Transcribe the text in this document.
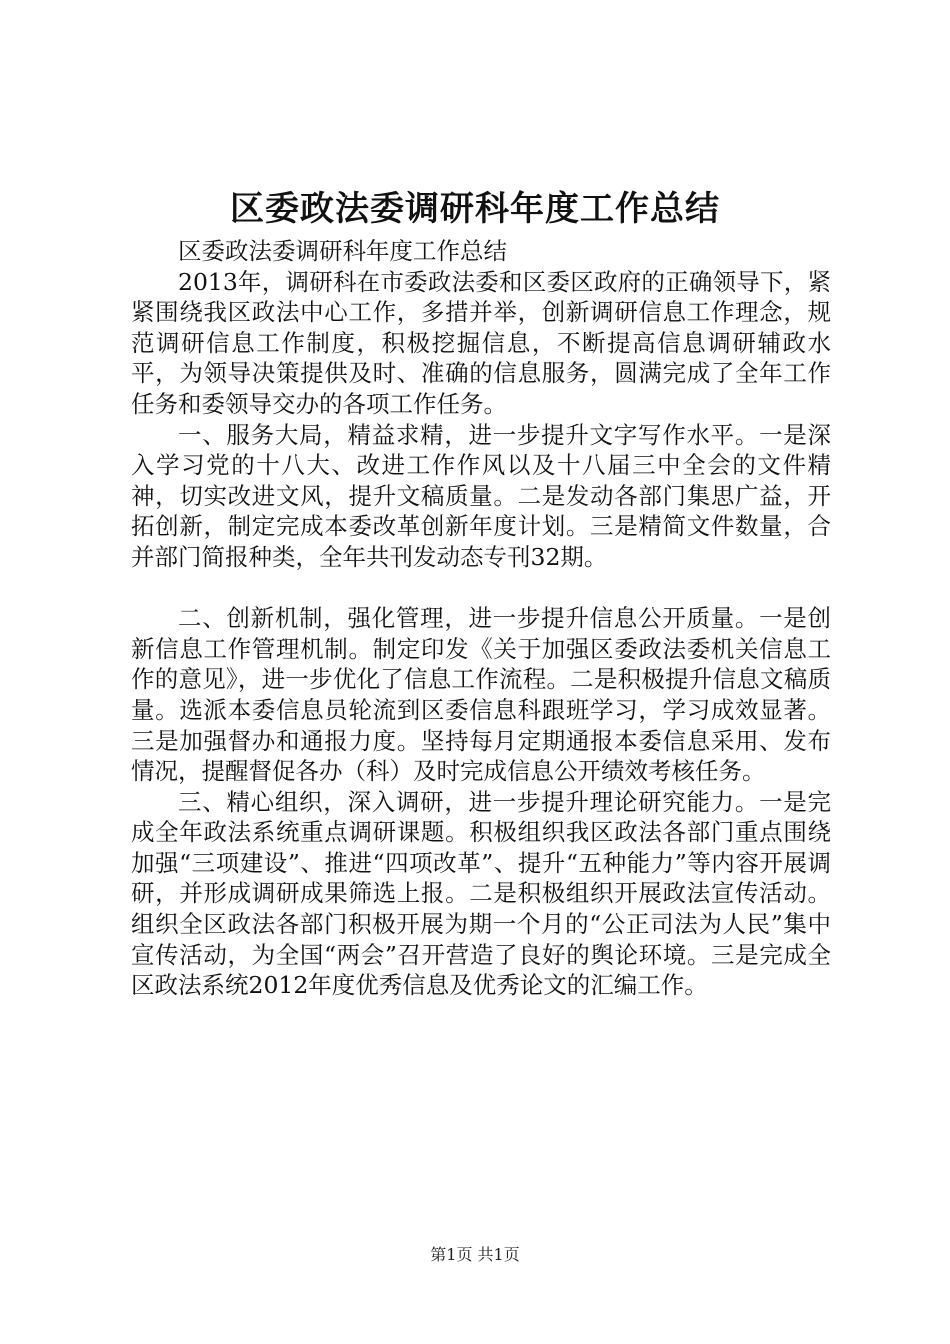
区委政法委调研科年度工作总结

区委政法委调研科年度工作总结

2013年，调研科在市委政法委和区委区政府的正确领导下，紧紧围绕我区政法中心工作，多措并举，创新调研信息工作理念，规范调研信息工作制度，积极挖掘信息，不断提高信息调研辅政水平，为领导决策提供及时、准确的信息服务，圆满完成了全年工作任务和委领导交办的各项工作任务。

一、服务大局，精益求精，进一步提升文字写作水平。一是深入学习党的十八大、改进工作作风以及十八届三中全会的文件精神，切实改进文风，提升文稿质量。二是发动各部门集思广益，开拓创新，制定完成本委改革创新年度计划。三是精简文件数量，合并部门简报种类，全年共刊发动态专刊32期。

二、创新机制，强化管理，进一步提升信息公开质量。一是创新信息工作管理机制。制定印发《关于加强区委政法委机关信息工作的意见》，进一步优化了信息工作流程。二是积极提升信息文稿质量。选派本委信息员轮流到区委信息科跟班学习，学习成效显著。三是加强督办和通报力度。坚持每月定期通报本委信息采用、发布情况，提醒督促各办（科）及时完成信息公开绩效考核任务。

三、精心组织，深入调研，进一步提升理论研究能力。一是完成全年政法系统重点调研课题。积极组织我区政法各部门重点围绕加强“三项建设”、推进“四项改革”、提升“五种能力”等内容开展调研，并形成调研成果筛选上报。二是积极组织开展政法宣传活动。组织全区政法各部门积极开展为期一个月的“公正司法为人民”集中宣传活动，为全国“两会”召开营造了良好的舆论环境。三是完成全区政法系统2012年度优秀信息及优秀论文的汇编工作。

第1页 共1页
